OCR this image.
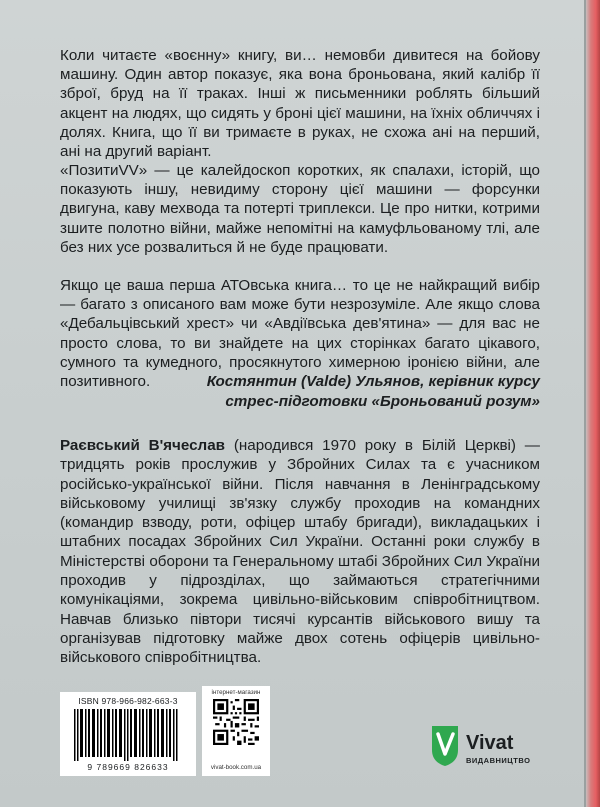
Коли читаєте «воєнну» книгу, ви… немовби дивитеся на бойову машину. Один автор показує, яка вона броньована, який калібр її зброї, бруд на її траках. Інші ж письменники роблять більший акцент на людях, що сидять у броні цієї машини, на їхніх обличчях і долях. Книга, що її ви тримаєте в руках, не схожа ані на перший, ані на другий варіант.

«ПозитиVV» — це калейдоскоп коротких, як спалахи, історій, що показують іншу, невидиму сторону цієї машини — форсунки двигуна, каву мехвода та потерті триплекси. Це про нитки, котрими зшите полотно війни, майже непомітні на камуфльованому тлі, але без них усе розвалиться й не буде працювати.

Якщо це ваша перша АТОвська книга… то це не найкращий вибір — багато з описаного вам може бути незрозуміле. Але якщо слова «Дебальцівський хрест» чи «Авдіївська дев'ятина» — для вас не просто слова, то ви знайдете на цих сторінках багато цікавого, сумного та кумедного, просякнутого химерною іронією війни, але позитивного.	Костянтин (Valde) Ульянов, керівник курсу
стрес-підготовки «Броньований розум»

Раєвський В'ячеслав (народився 1970 року в Білій Церкві) — тридцять років прослужив у Збройних Силах та є учасником російсько-української війни. Після навчання в Ленінградському військовому училищі зв'язку службу проходив на командних (командир взводу, роти, офіцер штабу бригади), викладацьких і штабних посадах Збройних Сил України. Останні роки службу в Міністерстві оборони та Генеральному штабі Збройних Сил України проходив у підрозділах, що займаються стратегічними комунікаціями, зокрема цивільно-військовим співробітництвом. Навчав близько півтори тисячі курсантів військового вишу та організував підготовку майже двох сотень офіцерів цивільно-військового співробітництва.

ISBN 978-966-982-663-3
9 789669 826633
інтернет-магазин
vivat-book.com.ua
Vivat
ВИДАВНИЦТВО
